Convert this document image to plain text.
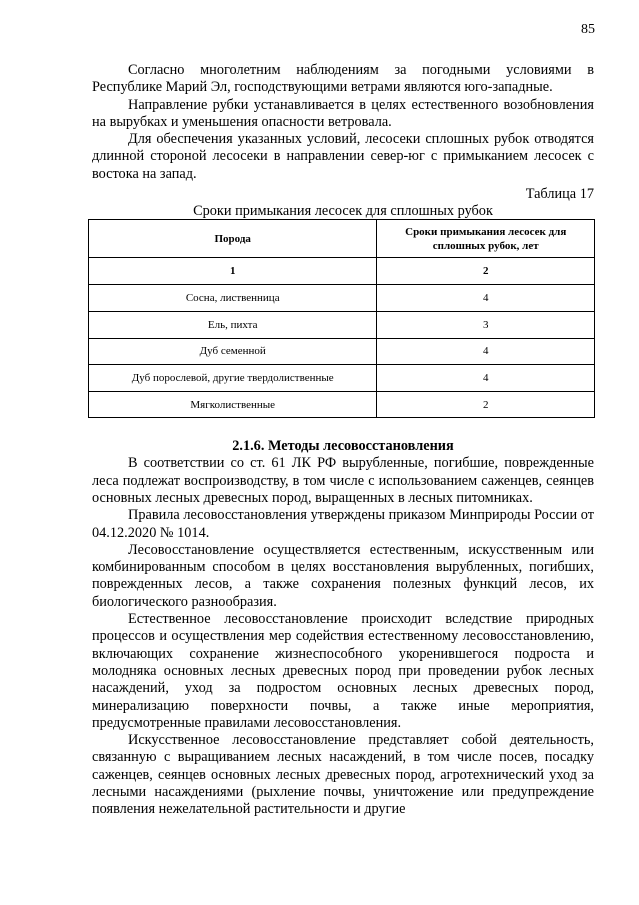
85

Согласно многолетним наблюдениям за погодными условиями в Республике Марий Эл, господствующими ветрами являются юго-западные.

Направление рубки устанавливается в целях естественного возобновления на вырубках и уменьшения опасности ветровала.

Для обеспечения указанных условий, лесосеки сплошных рубок отводятся длинной стороной лесосеки в направлении север-юг с примыканием лесосек с востока на запад.

Таблица 17
Сроки примыкания лесосек для сплошных рубок
Порода	Сроки примыкания лесосек для сплошных рубок, лет
1	2
Сосна, лиственница	4
Ель, пихта	3
Дуб семенной	4
Дуб порослевой, другие твердолиственные	4
Мягколиственные	2
2.1.6. Методы лесовосстановления

В соответствии со ст. 61 ЛК РФ вырубленные, погибшие, поврежденные леса подлежат воспроизводству, в том числе с использованием саженцев, сеянцев основных лесных древесных пород, выращенных в лесных питомниках.

Правила лесовосстановления утверждены приказом Минприроды России от 04.12.2020 № 1014.

Лесовосстановление осуществляется естественным, искусственным или комбинированным способом в целях восстановления вырубленных, погибших, поврежденных лесов, а также сохранения полезных функций лесов, их биологического разнообразия.

Естественное лесовосстановление происходит вследствие природных процессов и осуществления мер содействия естественному лесовосстановлению, включающих сохранение жизнеспособного укоренившегося подроста и молодняка основных лесных древесных пород при проведении рубок лесных насаждений, уход за подростом основных лесных древесных пород, минерализацию поверхности почвы, а также иные мероприятия, предусмотренные правилами лесовосстановления.

Искусственное лесовосстановление представляет собой деятельность, связанную с выращиванием лесных насаждений, в том числе посев, посадку саженцев, сеянцев основных лесных древесных пород, агротехнический уход за лесными насаждениями (рыхление почвы, уничтожение или предупреждение появления нежелательной растительности и другие
